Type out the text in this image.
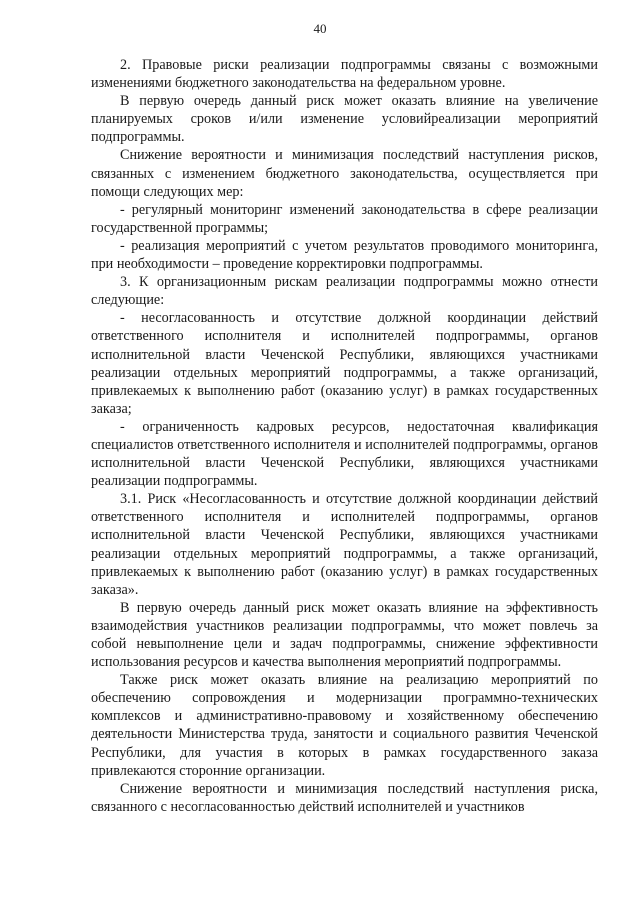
40

2. Правовые риски реализации подпрограммы связаны с возможными изменениями бюджетного законодательства на федеральном уровне.

В первую очередь данный риск может оказать влияние на увеличение планируемых сроков и/или изменение условийреализации мероприятий подпрограммы.

Снижение вероятности и минимизация последствий наступления рисков, связанных с изменением бюджетного законодательства, осуществляется при помощи следующих мер:

- регулярный мониторинг изменений законодательства в сфере реализации государственной программы;

- реализация мероприятий с учетом результатов проводимого мониторинга, при необходимости – проведение корректировки подпрограммы.

3. К организационным рискам реализации подпрограммы можно отнести следующие:

- несогласованность и отсутствие должной координации действий ответственного исполнителя и исполнителей подпрограммы, органов исполнительной власти Чеченской Республики, являющихся участниками реализации отдельных мероприятий подпрограммы, а также организаций, привлекаемых к выполнению работ (оказанию услуг) в рамках государственных заказа;

- ограниченность кадровых ресурсов, недостаточная квалификация специалистов ответственного исполнителя и исполнителей подпрограммы, органов исполнительной власти Чеченской Республики, являющихся участниками реализации подпрограммы.

3.1. Риск «Несогласованность и отсутствие должной координации действий ответственного исполнителя и исполнителей подпрограммы, органов исполнительной власти Чеченской Республики, являющихся участниками реализации отдельных мероприятий подпрограммы, а также организаций, привлекаемых к выполнению работ (оказанию услуг) в рамках государственных заказа».

В первую очередь данный риск может оказать влияние на эффективность взаимодействия участников реализации подпрограммы, что может повлечь за собой невыполнение цели и задач подпрограммы, снижение эффективности использования ресурсов и качества выполнения мероприятий подпрограммы.

Также риск может оказать влияние на реализацию мероприятий по обеспечению сопровождения и модернизации программно-технических комплексов и административно-правовому и хозяйственному обеспечению деятельности Министерства труда, занятости и социального развития Чеченской Республики, для участия в которых в рамках государственного заказа привлекаются сторонние организации.

Снижение вероятности и минимизация последствий наступления риска, связанного с несогласованностью действий исполнителей и участников
